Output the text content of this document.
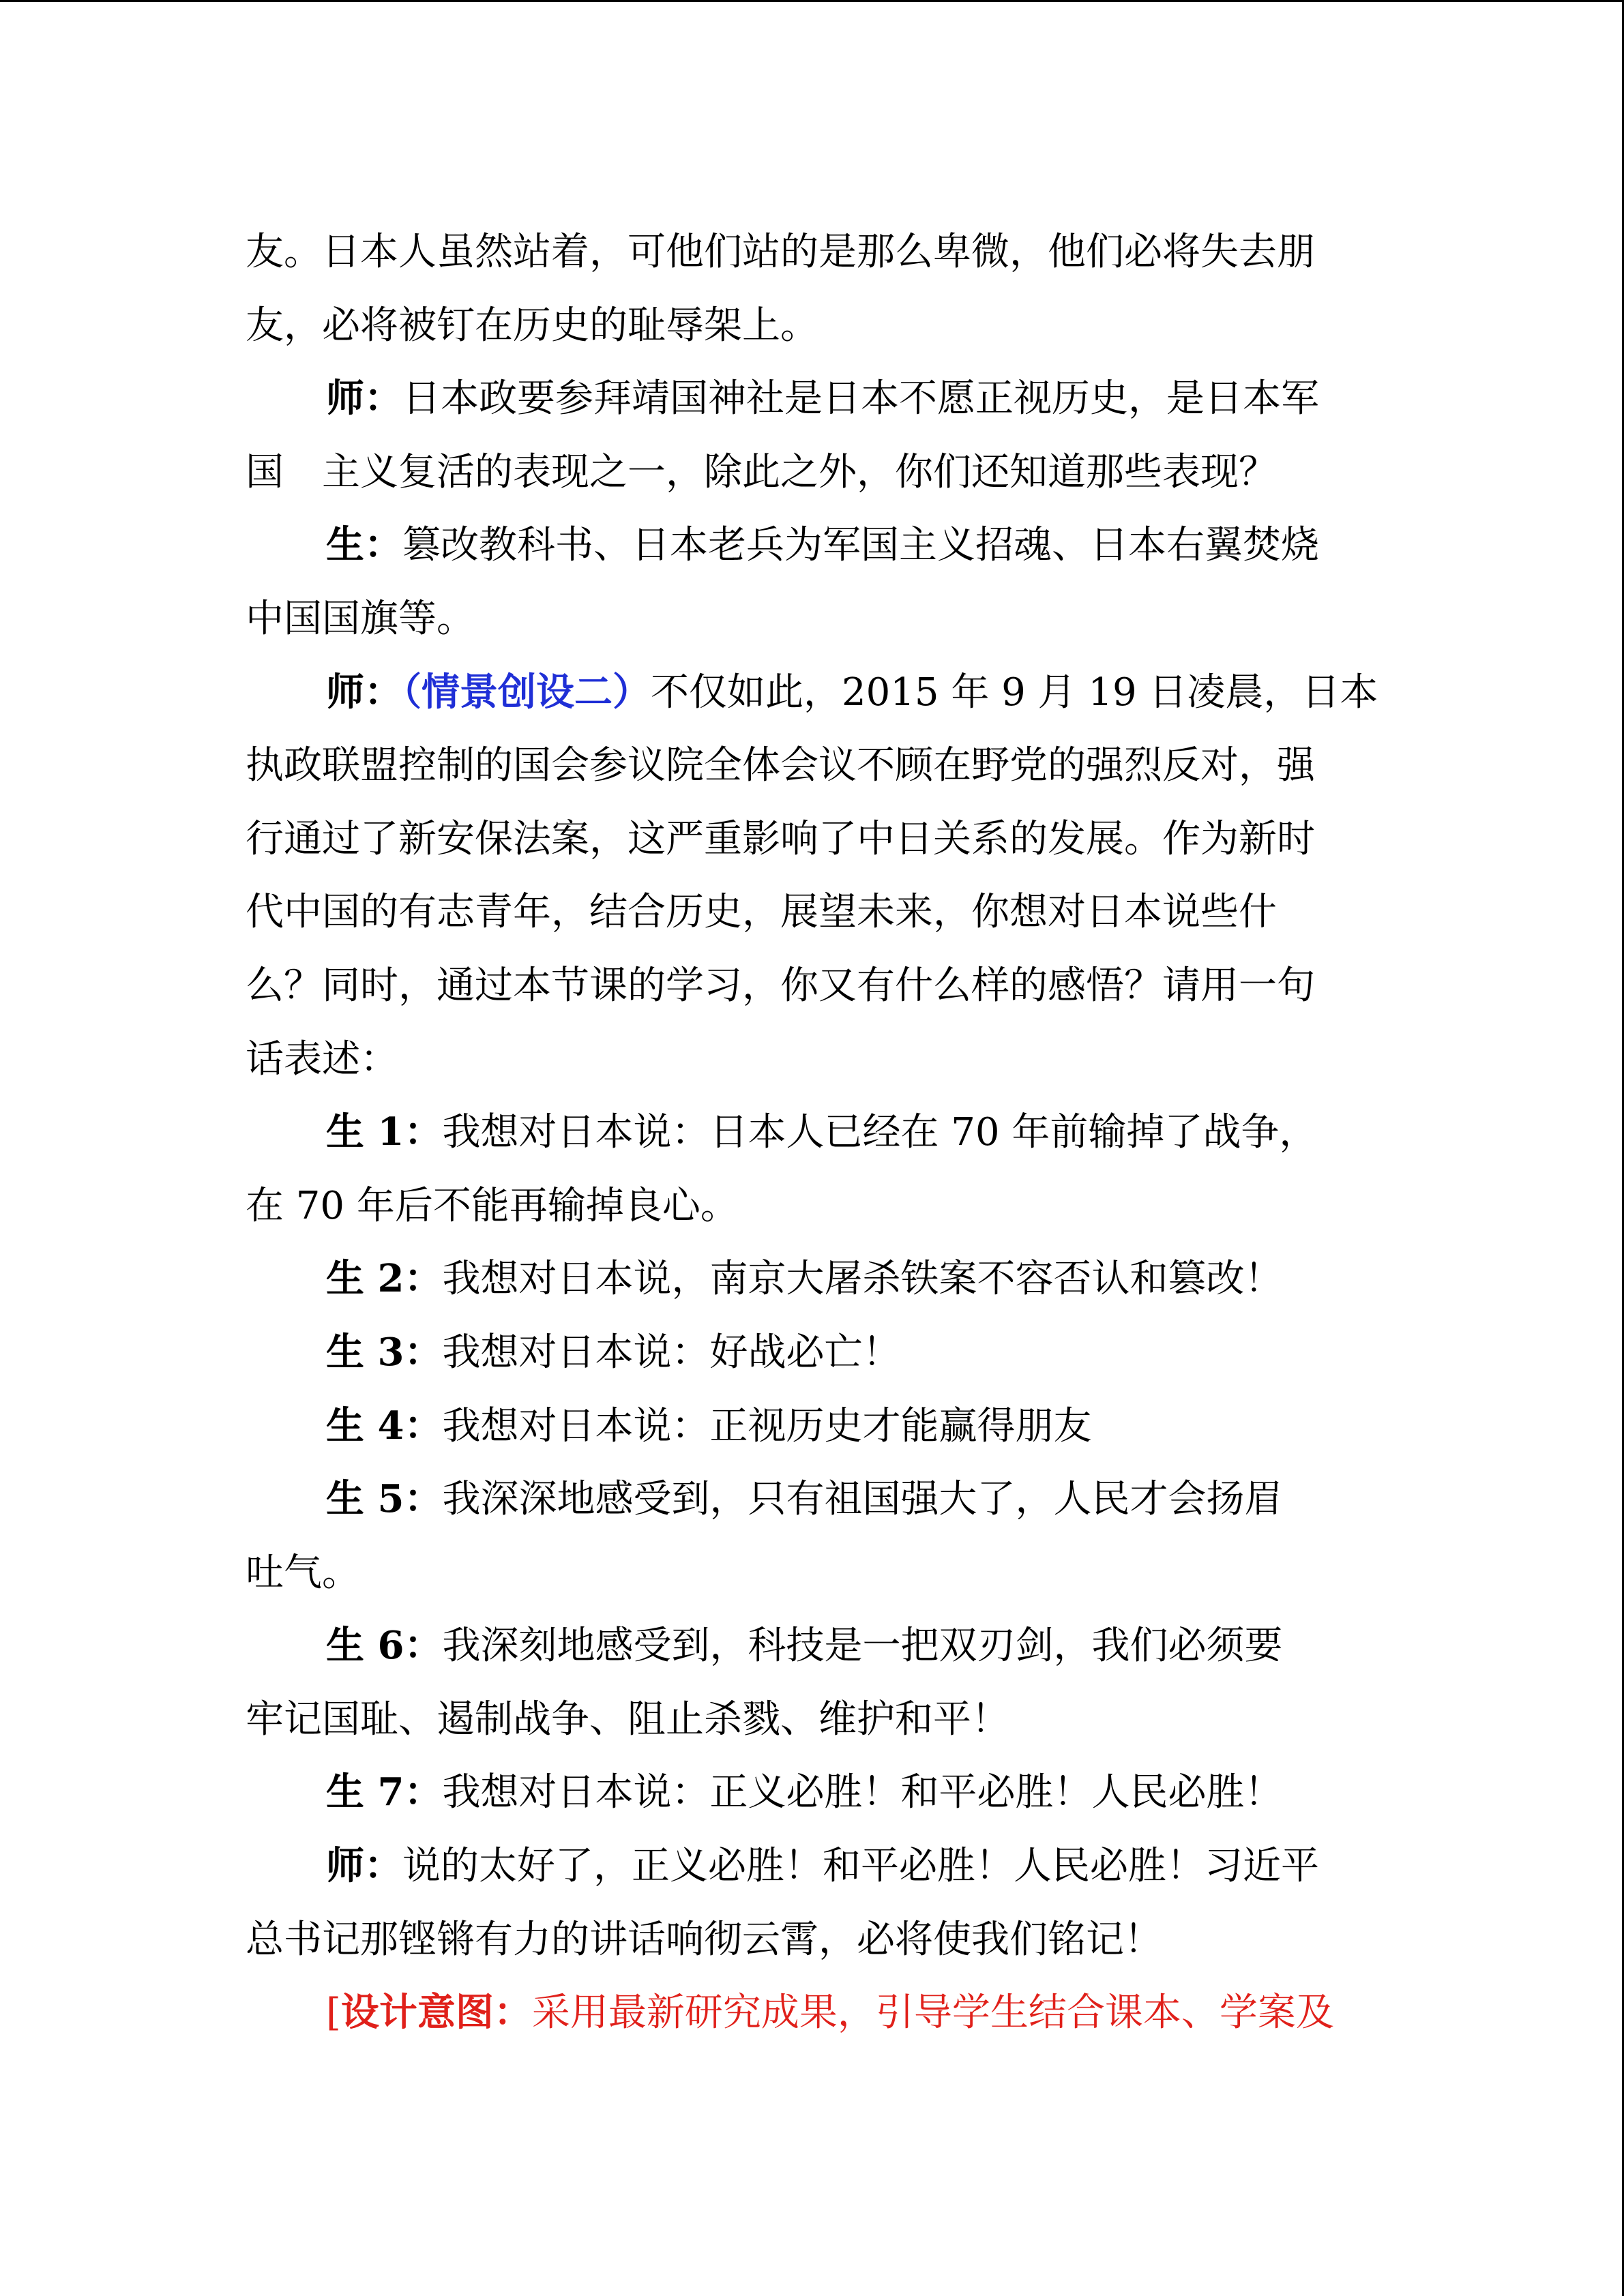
友。日本人虽然站着，可他们站的是那么卑微，他们必将失去朋
友，必将被钉在历史的耻辱架上。
师：日本政要参拜靖国神社是日本不愿正视历史，是日本军
国 主义复活的表现之一，除此之外，你们还知道那些表现？
生：篡改教科书、日本老兵为军国主义招魂、日本右翼焚烧
中国国旗等。
师：（情景创设二）不仅如此，2015 年 9 月 19 日凌晨，日本
执政联盟控制的国会参议院全体会议不顾在野党的强烈反对，强
行通过了新安保法案，这严重影响了中日关系的发展。作为新时
代中国的有志青年，结合历史，展望未来，你想对日本说些什
么？同时，通过本节课的学习，你又有什么样的感悟？请用一句
话表述：
生 1：我想对日本说：日本人已经在 70 年前输掉了战争，
在 70 年后不能再输掉良心。
生 2：我想对日本说，南京大屠杀铁案不容否认和篡改！
生 3：我想对日本说：好战必亡！
生 4：我想对日本说：正视历史才能赢得朋友
生 5：我深深地感受到，只有祖国强大了，人民才会扬眉
吐气。
生 6：我深刻地感受到，科技是一把双刃剑，我们必须要
牢记国耻、遏制战争、阻止杀戮、维护和平！
生 7：我想对日本说：正义必胜！和平必胜！人民必胜！
师：说的太好了，正义必胜！和平必胜！人民必胜！习近平
总书记那铿锵有力的讲话响彻云霄，必将使我们铭记！
[设计意图：采用最新研究成果，引导学生结合课本、学案及
